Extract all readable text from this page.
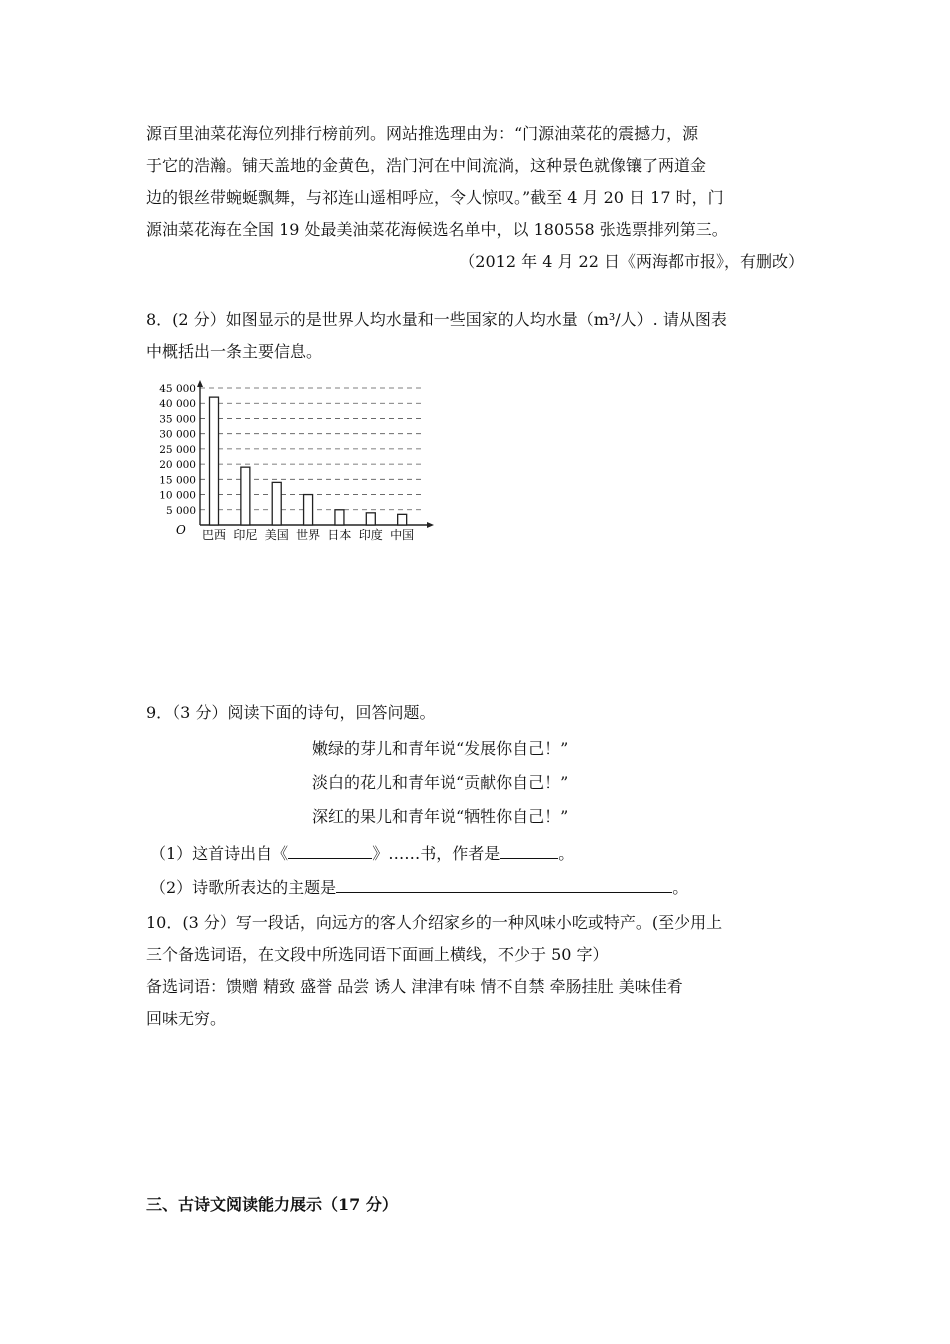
源百里油菜花海位列排行榜前列。网站推选理由为：“门源油菜花的震撼力，源
于它的浩瀚。铺天盖地的金黄色，浩门河在中间流淌，这种景色就像镶了两道金
边的银丝带蜿蜒飘舞，与祁连山遥相呼应，令人惊叹。”截至 4 月 20 日 17 时，门
源油菜花海在全国 19 处最美油菜花海候选名单中，以 180558 张选票排列第三。
（2012 年 4 月 22 日《两海都市报》，有删改）
8．(2 分）如图显示的是世界人均水量和一些国家的人均水量（m³/人）. 请从图表
中概括出一条主要信息。
5 000
10 000
15 000
20 000
25 000
30 000
35 000
40 000
45 000
巴西 印尼 美国 世界 日本 印度 中国
O
9．（3 分）阅读下面的诗句，回答问题。
嫩绿的芽儿和青年说“发展你自己！”
淡白的花儿和青年说“贡献你自己！”
深红的果儿和青年说“牺牲你自己！”
（1）这首诗出自《	》……书，作者是	。
（2）诗歌所表达的主题是	。
10．(3 分）写一段话，向远方的客人介绍家乡的一种风味小吃或特产。(至少用上
三个备选词语，在文段中所选同语下面画上横线，不少于 50 字）
备选词语：馈赠 精致 盛誉 品尝 诱人 津津有味 情不自禁 牵肠挂肚 美味佳肴
回味无穷。
三、古诗文阅读能力展示（17 分）
